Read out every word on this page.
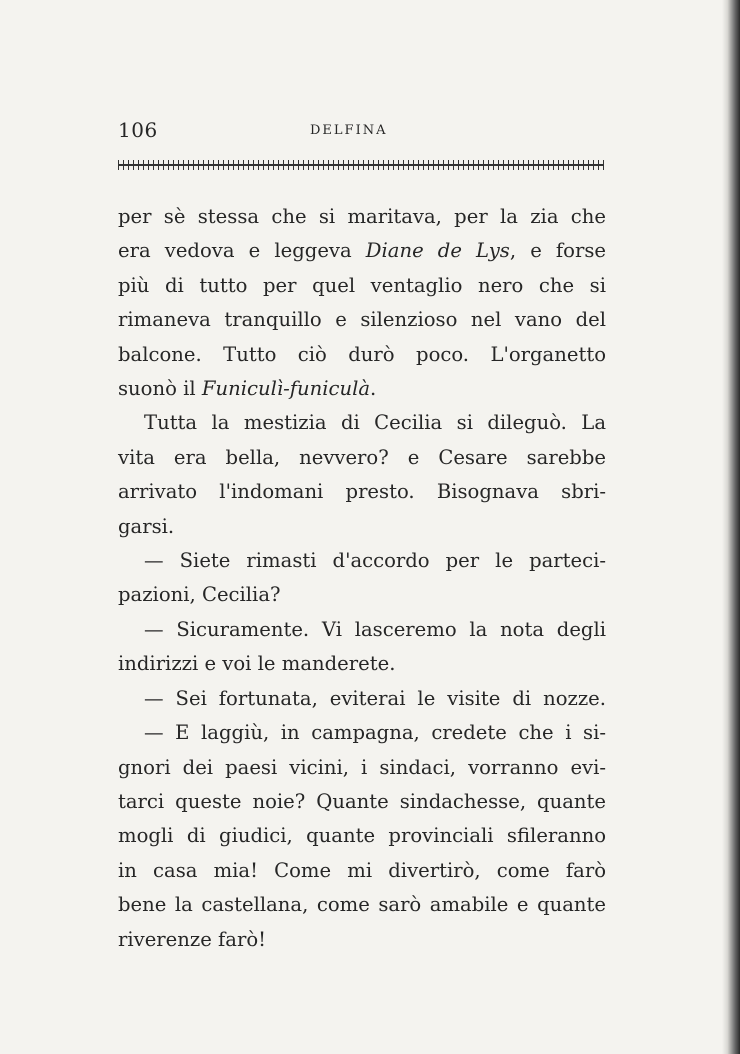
106	DELFINA
per sè stessa che si maritava, per la zia che
era vedova e leggeva Diane de Lys, e forse
più di tutto per quel ventaglio nero che si
rimaneva tranquillo e silenzioso nel vano del
balcone. Tutto ciò durò poco. L'organetto
suonò il Funiculì-funiculà.
Tutta la mestizia di Cecilia si dileguò. La
vita era bella, nevvero? e Cesare sarebbe
arrivato l'indomani presto. Bisognava sbri-
garsi.
— Siete rimasti d'accordo per le parteci-
pazioni, Cecilia?
— Sicuramente. Vi lasceremo la nota degli
indirizzi e voi le manderete.
— Sei fortunata, eviterai le visite di nozze.
— E laggiù, in campagna, credete che i si-
gnori dei paesi vicini, i sindaci, vorranno evi-
tarci queste noie? Quante sindachesse, quante
mogli di giudici, quante provinciali sfileranno
in casa mia! Come mi divertirò, come farò
bene la castellana, come sarò amabile e quante
riverenze farò!
